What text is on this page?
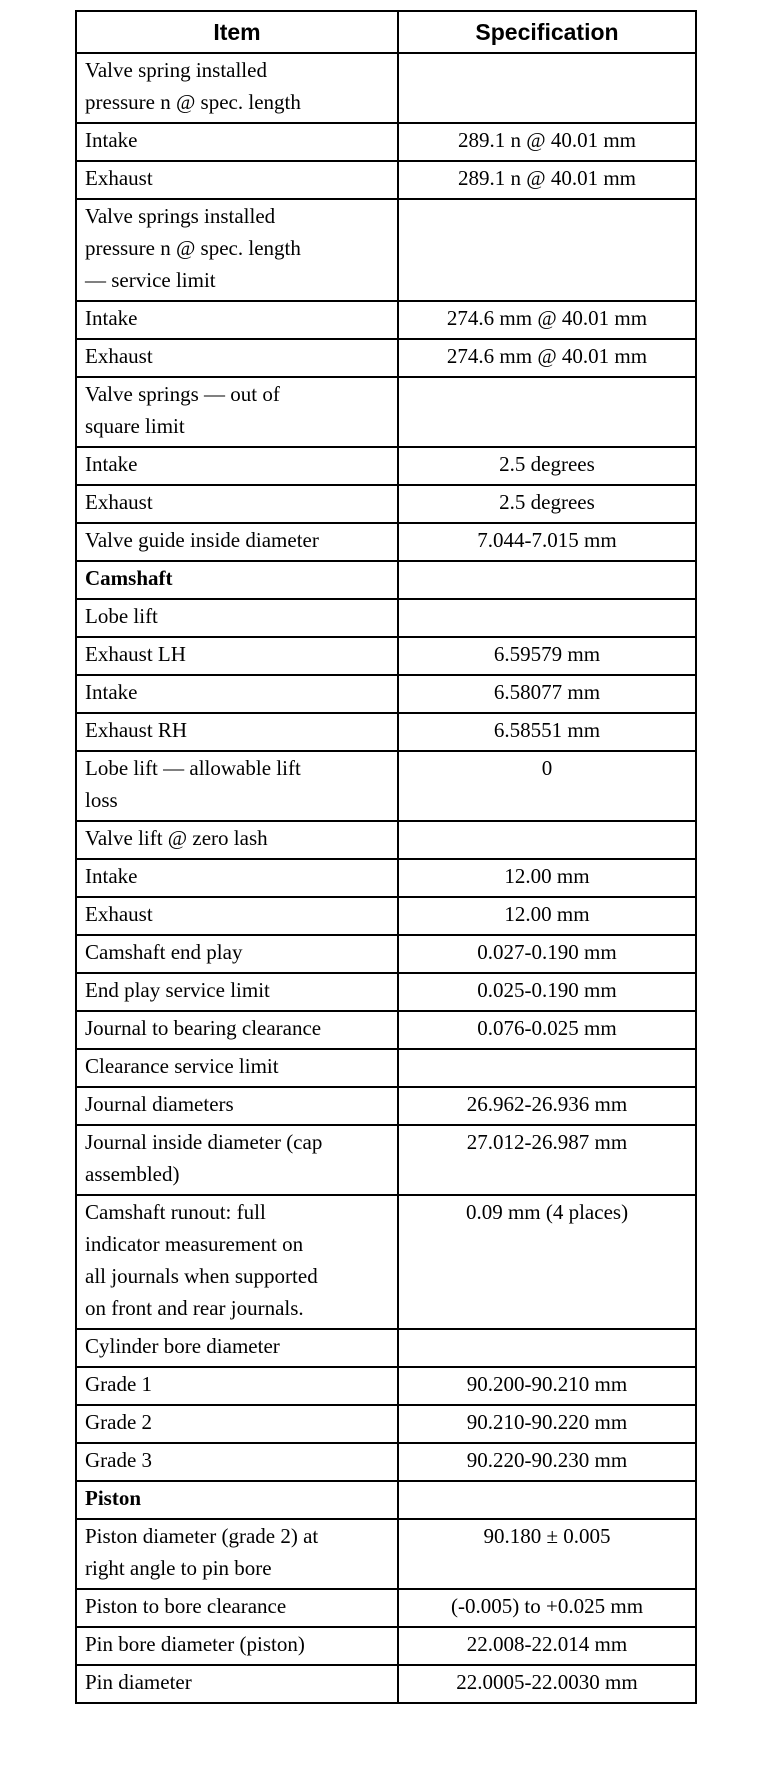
Item	Specification

Valve spring installed
pressure n @ spec. length	

Intake	289.1 n @ 40.01 mm

Exhaust	289.1 n @ 40.01 mm

Valve springs installed
pressure n @ spec. length
— service limit	

Intake	274.6 mm @ 40.01 mm

Exhaust	274.6 mm @ 40.01 mm

Valve springs — out of
square limit	

Intake	2.5 degrees

Exhaust	2.5 degrees

Valve guide inside diameter	7.044-7.015 mm

Camshaft	

Lobe lift	

Exhaust LH	6.59579 mm

Intake	6.58077 mm

Exhaust RH	6.58551 mm

Lobe lift — allowable lift
loss	0

Valve lift @ zero lash	

Intake	12.00 mm

Exhaust	12.00 mm

Camshaft end play	0.027-0.190 mm

End play service limit	0.025-0.190 mm

Journal to bearing clearance	0.076-0.025 mm

Clearance service limit	

Journal diameters	26.962-26.936 mm

Journal inside diameter (cap
assembled)	27.012-26.987 mm

Camshaft runout: full
indicator measurement on
all journals when supported
on front and rear journals.	0.09 mm (4 places)

Cylinder bore diameter	

Grade 1	90.200-90.210 mm

Grade 2	90.210-90.220 mm

Grade 3	90.220-90.230 mm

Piston	

Piston diameter (grade 2) at
right angle to pin bore	90.180 ± 0.005

Piston to bore clearance	(-0.005) to +0.025 mm

Pin bore diameter (piston)	22.008-22.014 mm

Pin diameter	22.0005-22.0030 mm
